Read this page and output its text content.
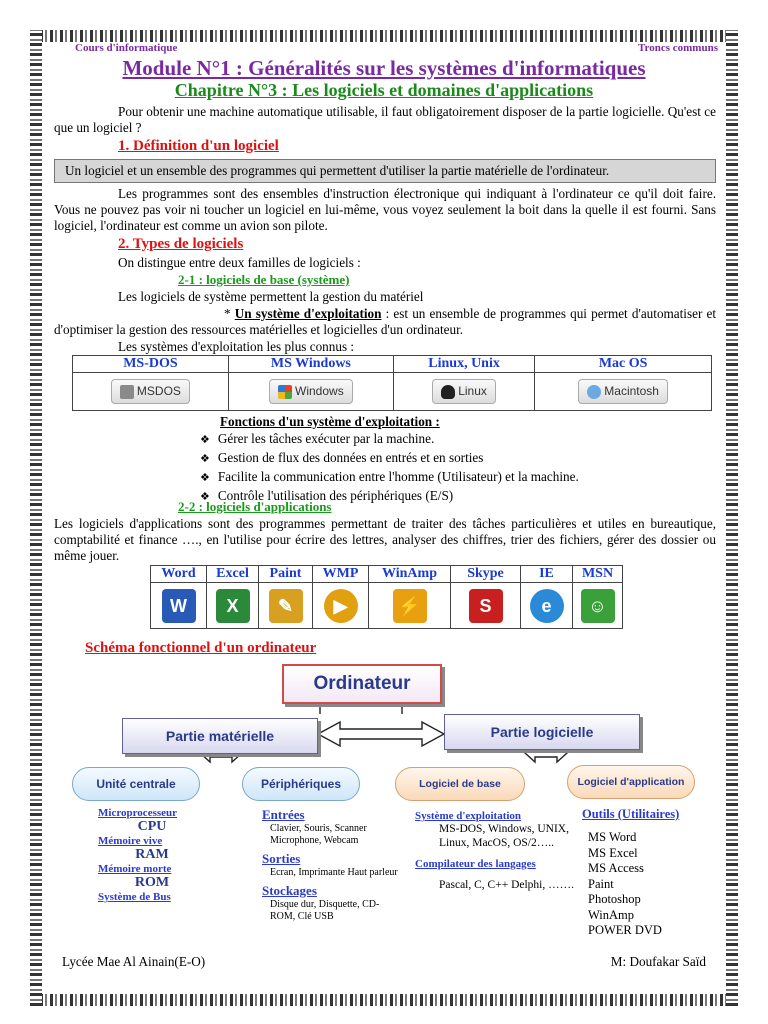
Cours d'informatique	Troncs communs
Module N°1 : Généralités sur les systèmes d'informatiques
Chapitre N°3 : Les logiciels et domaines d'applications
Pour obtenir une machine automatique utilisable, il faut obligatoirement disposer de la partie logicielle. Qu'est ce que un logiciel ?
1. Définition d'un logiciel
Un logiciel et un ensemble des programmes qui permettent d'utiliser la partie matérielle de l'ordinateur.
Les programmes sont des ensembles d'instruction électronique qui indiquant à l'ordinateur ce qu'il doit faire. Vous ne pouvez pas voir ni toucher un logiciel en lui-même, vous voyez seulement la boit dans la quelle il est fourni. Sans logiciel, l'ordinateur est comme un avion son pilote.
2. Types de logiciels
On distingue entre deux familles de logiciels :
2-1 : logiciels de base (système)
Les logiciels de système permettent la gestion du matériel
* Un système d'exploitation : est un ensemble de programmes qui permet d'automatiser et d'optimiser la gestion des ressources matérielles et logicielles d'un ordinateur.
Les systèmes d'exploitation les plus connus :
MS-DOS	MS Windows	Linux, Unix	Mac OS
MSDOS	Windows	Linux	Macintosh
Fonctions d'un système d'exploitation :
❖ Gérer les tâches exécuter par la machine.
❖ Gestion de flux des données en entrés et en sorties
❖ Facilite la communication entre l'homme (Utilisateur) et la machine.
❖ Contrôle l'utilisation des périphériques (E/S)
2-2 : logiciels d'applications
Les logiciels d'applications sont des programmes permettant de traiter des tâches particulières et utiles en bureautique, comptabilité et finance …., en l'utilise pour écrire des lettres, analyser des chiffres, trier des fichiers, gérer des dossier ou même jouer.
Word	Excel	Paint	WMP	WinAmp	Skype	IE	MSN
W	X	✎	▶	⚡	S	e	☺
Schéma fonctionnel d'un ordinateur
Ordinateur
Partie matérielle	Partie logicielle
Unité centrale	Périphériques	Logiciel de base	Logiciel d'application
Microprocesseur
CPU
Mémoire vive
RAM
Mémoire morte
ROM
Système de Bus
Entrées
Clavier, Souris, Scanner Microphone, Webcam
Sorties
Ecran, Imprimante Haut parleur
Stockages
Disque dur, Disquette, CD-ROM, Clé USB
Système d'exploitation
MS-DOS, Windows, UNIX, Linux, MacOS, OS/2…..
Compilateur des langages
Pascal, C, C++ Delphi, …….
Outils (Utilitaires)
MS Word
MS Excel
MS Access
Paint
Photoshop
WinAmp
POWER DVD
Lycée Mae Al Ainain(E-O)	M: Doufakar Saïd
